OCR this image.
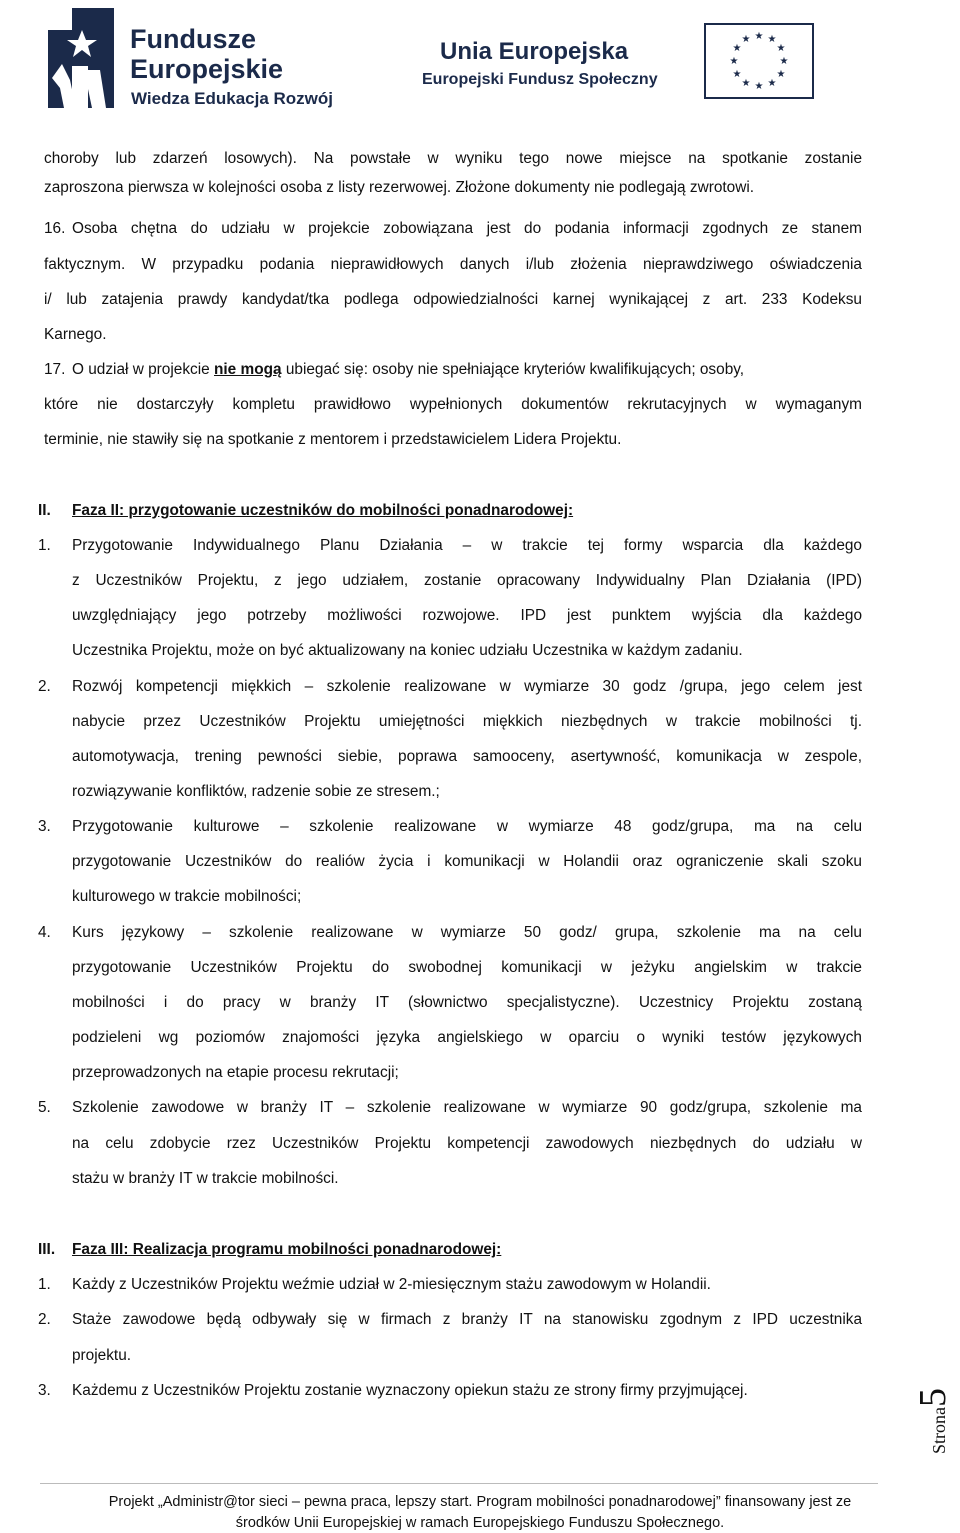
Fundusze
Europejskie
Wiedza Edukacja Rozwój
Unia Europejska
Europejski Fundusz Społeczny
★ ★
★
★
★
★
★
★
★
★
★
★
choroby lub zdarzeń losowych). Na powstałe w wyniku tego nowe miejsce na spotkanie zostanie
zaproszona pierwsza w kolejności osoba z listy rezerwowej. Złożone dokumenty nie podlegają zwrotowi.
16. Osoba chętna do udziału w projekcie zobowiązana jest do podania informacji zgodnych ze stanem
faktycznym. W przypadku podania nieprawidłowych danych i/lub złożenia nieprawdziwego oświadczenia
i/ lub zatajenia prawdy kandydat/tka podlega odpowiedzialności karnej wynikającej z art. 233 Kodeksu
Karnego.
17. O udział w projekcie nie mogą ubiegać się: osoby nie spełniające kryteriów kwalifikujących; osoby,
które nie dostarczyły kompletu prawidłowo wypełnionych dokumentów rekrutacyjnych w wymaganym
terminie, nie stawiły się na spotkanie z mentorem i przedstawicielem Lidera Projektu.
II. Faza II: przygotowanie uczestników do mobilności ponadnarodowej:
1. Przygotowanie Indywidualnego Planu Działania – w trakcie tej formy wsparcia dla każdego
z Uczestników Projektu, z jego udziałem, zostanie opracowany Indywidualny Plan Działania (IPD)
uwzględniający jego potrzeby możliwości rozwojowe. IPD jest punktem wyjścia dla każdego
Uczestnika Projektu, może on być aktualizowany na koniec udziału Uczestnika w każdym zadaniu.
2. Rozwój kompetencji miękkich – szkolenie realizowane w wymiarze 30 godz /grupa, jego celem jest
nabycie przez Uczestników Projektu umiejętności miękkich niezbędnych w trakcie mobilności tj.
automotywacja, trening pewności siebie, poprawa samooceny, asertywność, komunikacja w zespole,
rozwiązywanie konfliktów, radzenie sobie ze stresem.;
3. Przygotowanie kulturowe – szkolenie realizowane w wymiarze 48 godz/grupa, ma na celu
przygotowanie Uczestników do realiów życia i komunikacji w Holandii oraz ograniczenie skali szoku
kulturowego w trakcie mobilności;
4. Kurs językowy – szkolenie realizowane w wymiarze 50 godz/ grupa, szkolenie ma na celu
przygotowanie Uczestników Projektu do swobodnej komunikacji w jeżyku angielskim w trakcie
mobilności i do pracy w branży IT (słownictwo specjalistyczne). Uczestnicy Projektu zostaną
podzieleni wg poziomów znajomości języka angielskiego w oparciu o wyniki testów językowych
przeprowadzonych na etapie procesu rekrutacji;
5. Szkolenie zawodowe w branży IT – szkolenie realizowane w wymiarze 90 godz/grupa, szkolenie ma
na celu zdobycie rzez Uczestników Projektu kompetencji zawodowych niezbędnych do udziału w
stażu w branży IT w trakcie mobilności.
III. Faza III: Realizacja programu mobilności ponadnarodowej:
1. Każdy z Uczestników Projektu weźmie udział w 2-miesięcznym stażu zawodowym w Holandii.
2. Staże zawodowe będą odbywały się w firmach z branży IT na stanowisku zgodnym z IPD uczestnika
projektu.
3. Każdemu z Uczestników Projektu zostanie wyznaczony opiekun stażu ze strony firmy przyjmującej.
Strona5
Projekt „Administr@tor sieci – pewna praca, lepszy start. Program mobilności ponadnarodowej” finansowany jest ze
środków Unii Europejskiej w ramach Europejskiego Funduszu Społecznego.
